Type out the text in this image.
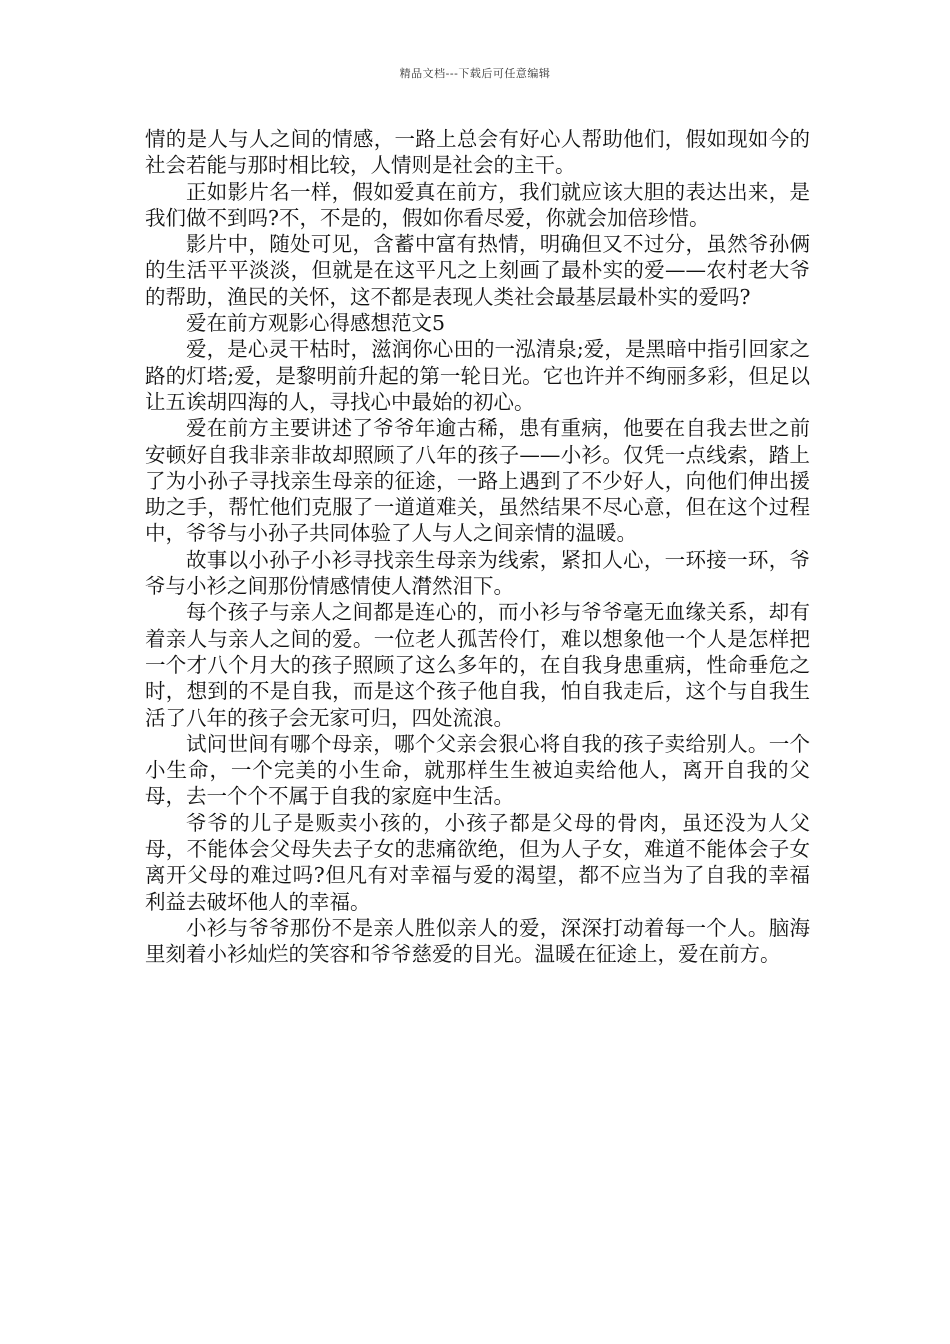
精品文档---下载后可任意编辑

情的是人与人之间的情感，一路上总会有好心人帮助他们，假如现如今的社会若能与那时相比较，人情则是社会的主干。

正如影片名一样，假如爱真在前方，我们就应该大胆的表达出来，是我们做不到吗?不，不是的，假如你看尽爱，你就会加倍珍惜。

影片中，随处可见，含蓄中富有热情，明确但又不过分，虽然爷孙俩的生活平平淡淡，但就是在这平凡之上刻画了最朴实的爱——农村老大爷的帮助，渔民的关怀，这不都是表现人类社会最基层最朴实的爱吗?

爱在前方观影心得感想范文5

爱，是心灵干枯时，滋润你心田的一泓清泉;爱，是黑暗中指引回家之路的灯塔;爱，是黎明前升起的第一轮日光。它也许并不绚丽多彩，但足以让五诶胡四海的人，寻找心中最始的初心。

爱在前方主要讲述了爷爷年逾古稀，患有重病，他要在自我去世之前安顿好自我非亲非故却照顾了八年的孩子——小衫。仅凭一点线索，踏上了为小孙子寻找亲生母亲的征途，一路上遇到了不少好人，向他们伸出援助之手，帮忙他们克服了一道道难关，虽然结果不尽心意，但在这个过程中，爷爷与小孙子共同体验了人与人之间亲情的温暖。

故事以小孙子小衫寻找亲生母亲为线索，紧扣人心，一环接一环，爷爷与小衫之间那份情感情使人潸然泪下。

每个孩子与亲人之间都是连心的，而小衫与爷爷毫无血缘关系，却有着亲人与亲人之间的爱。一位老人孤苦伶仃，难以想象他一个人是怎样把一个才八个月大的孩子照顾了这么多年的，在自我身患重病，性命垂危之时，想到的不是自我，而是这个孩子他自我，怕自我走后，这个与自我生活了八年的孩子会无家可归，四处流浪。

试问世间有哪个母亲，哪个父亲会狠心将自我的孩子卖给别人。一个小生命，一个完美的小生命，就那样生生被迫卖给他人，离开自我的父母，去一个个不属于自我的家庭中生活。

爷爷的儿子是贩卖小孩的，小孩子都是父母的骨肉，虽还没为人父母，不能体会父母失去子女的悲痛欲绝，但为人子女，难道不能体会子女离开父母的难过吗?但凡有对幸福与爱的渴望，都不应当为了自我的幸福利益去破坏他人的幸福。

小衫与爷爷那份不是亲人胜似亲人的爱，深深打动着每一个人。脑海里刻着小衫灿烂的笑容和爷爷慈爱的目光。温暖在征途上，爱在前方。
